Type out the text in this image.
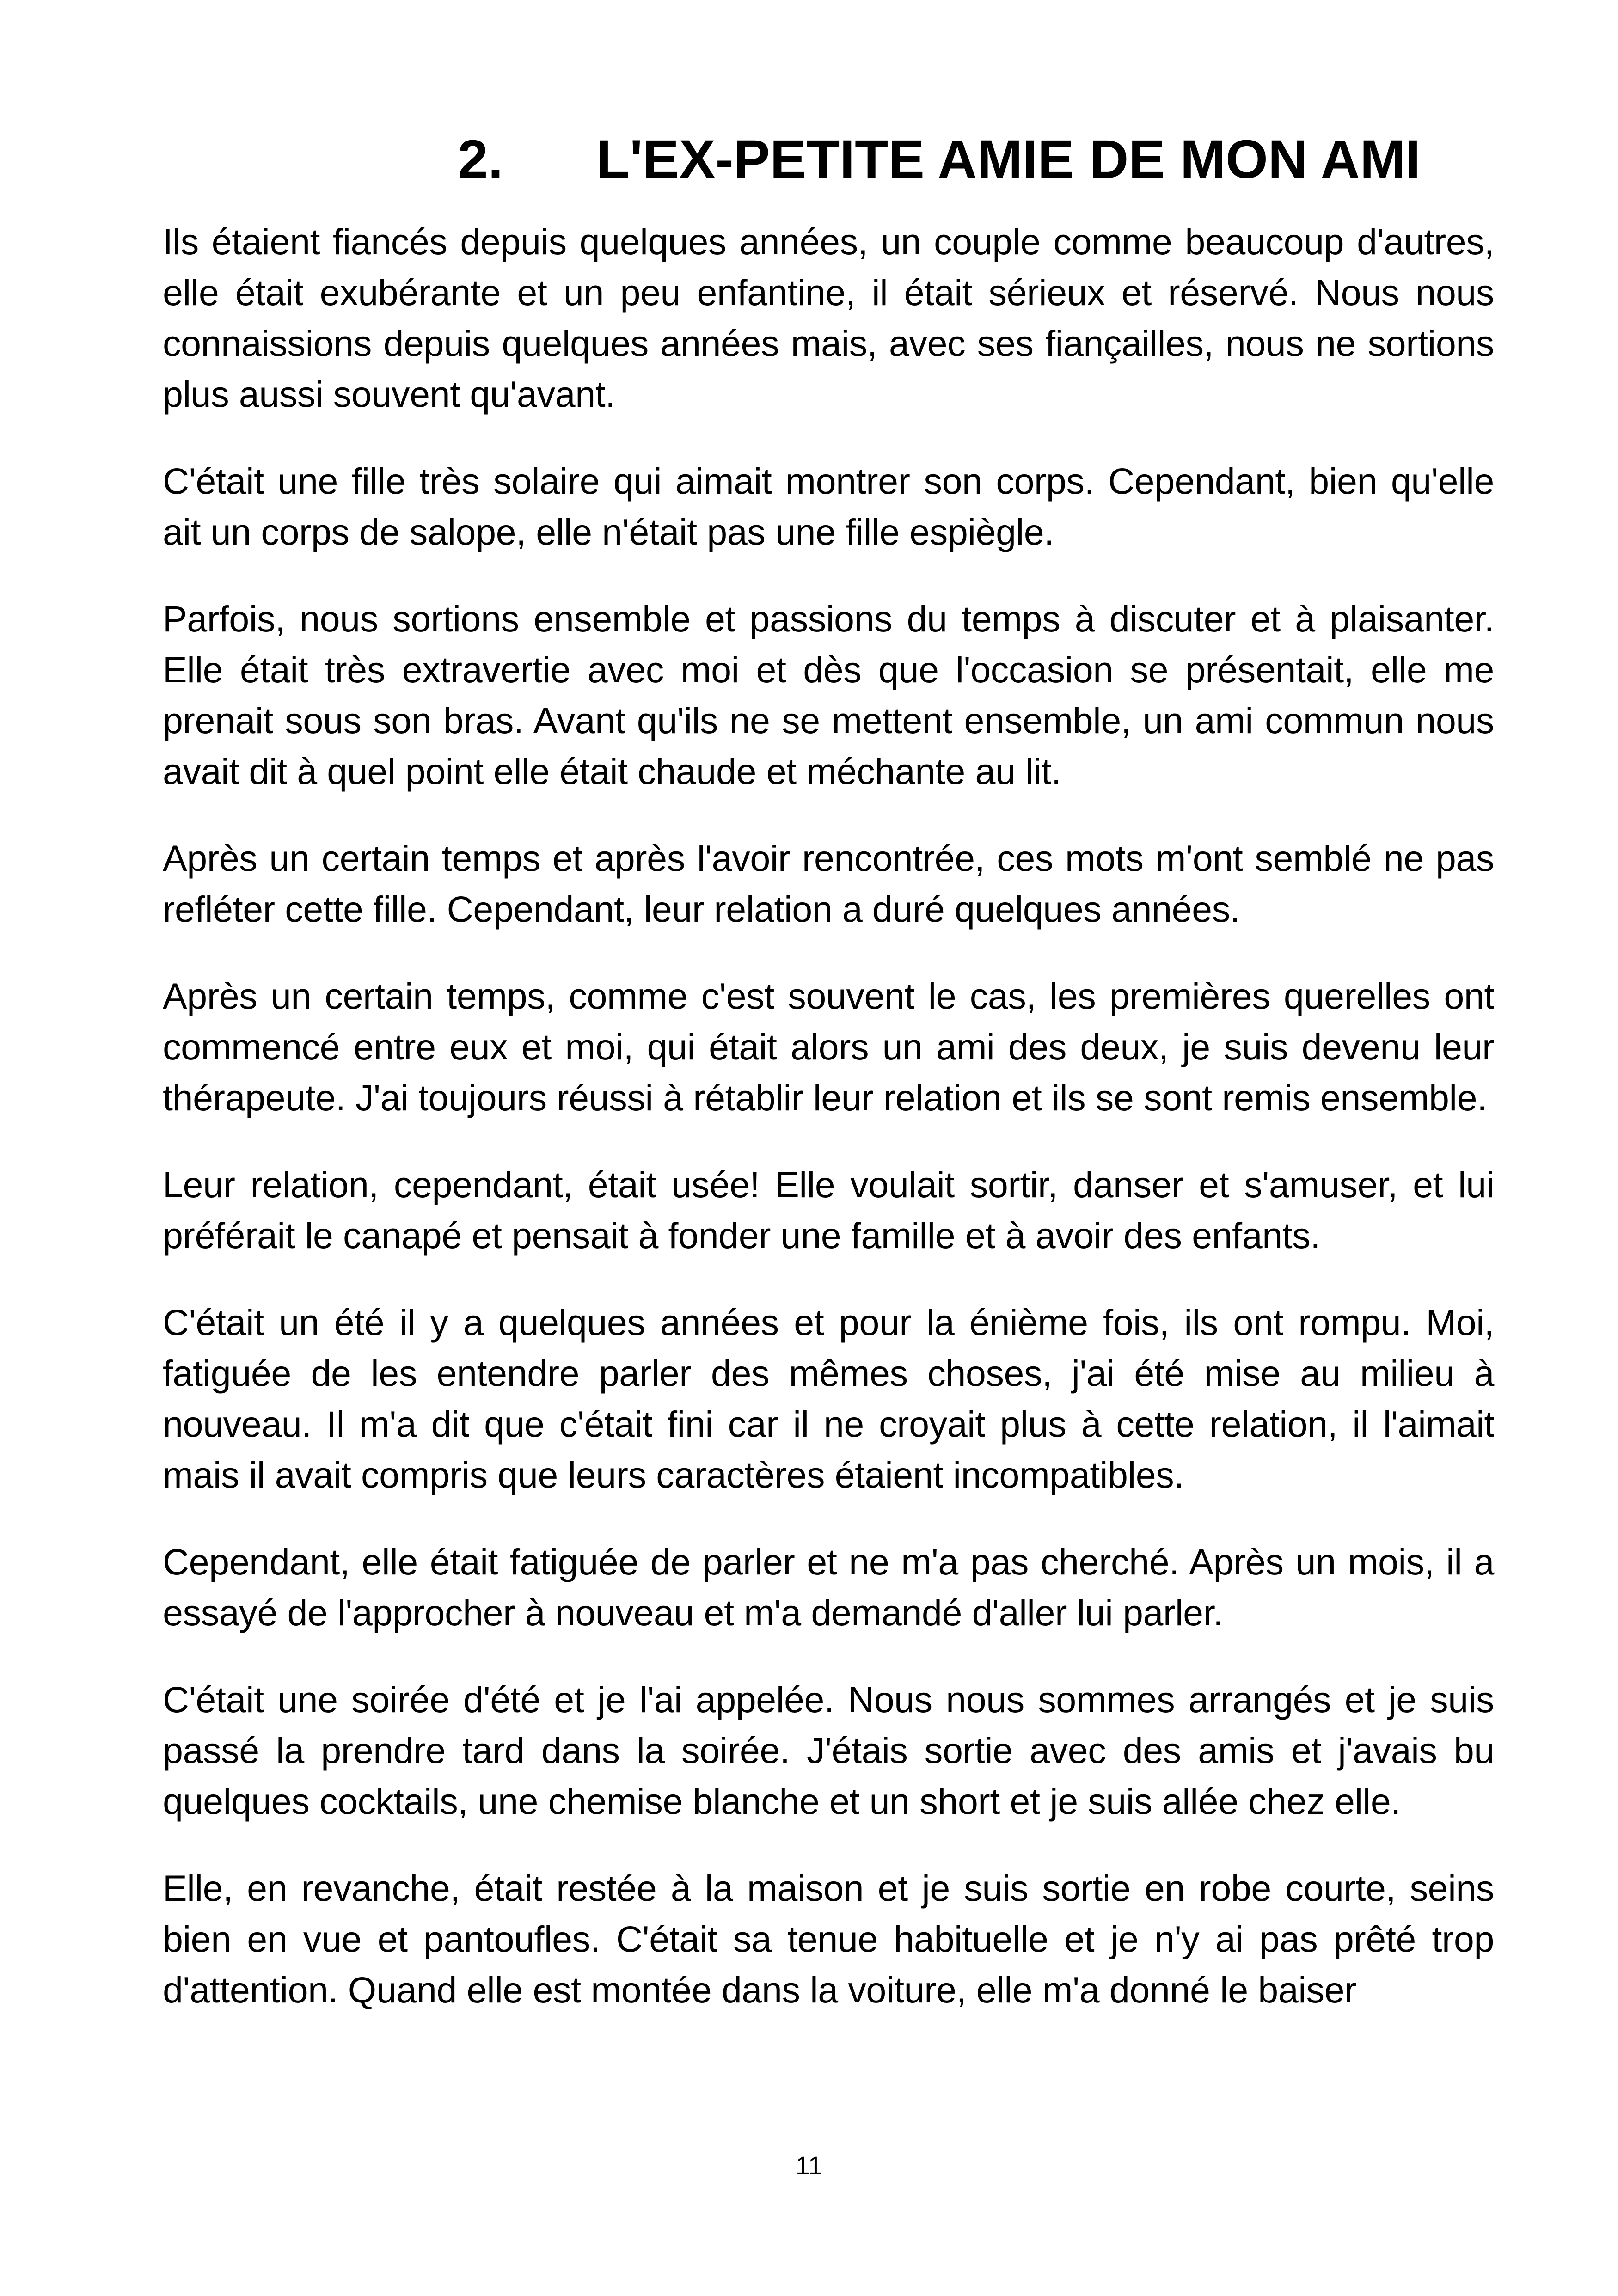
2. L'EX-PETITE AMIE DE MON AMI

Ils étaient fiancés depuis quelques années, un couple comme beaucoup d'autres, elle était exubérante et un peu enfantine, il était sérieux et réservé. Nous nous connaissions depuis quelques années mais, avec ses fiançailles, nous ne sortions plus aussi souvent qu'avant.

C'était une fille très solaire qui aimait montrer son corps. Cependant, bien qu'elle ait un corps de salope, elle n'était pas une fille espiègle.

Parfois, nous sortions ensemble et passions du temps à discuter et à plaisanter. Elle était très extravertie avec moi et dès que l'occasion se présentait, elle me prenait sous son bras. Avant qu'ils ne se mettent ensemble, un ami commun nous avait dit à quel point elle était chaude et méchante au lit.

Après un certain temps et après l'avoir rencontrée, ces mots m'ont semblé ne pas refléter cette fille. Cependant, leur relation a duré quelques années.

Après un certain temps, comme c'est souvent le cas, les premières querelles ont commencé entre eux et moi, qui était alors un ami des deux, je suis devenu leur thérapeute. J'ai toujours réussi à rétablir leur relation et ils se sont remis ensemble.

Leur relation, cependant, était usée! Elle voulait sortir, danser et s'amuser, et lui préférait le canapé et pensait à fonder une famille et à avoir des enfants.

C'était un été il y a quelques années et pour la énième fois, ils ont rompu. Moi, fatiguée de les entendre parler des mêmes choses, j'ai été mise au milieu à nouveau. Il m'a dit que c'était fini car il ne croyait plus à cette relation, il l'aimait mais il avait compris que leurs caractères étaient incompatibles.

Cependant, elle était fatiguée de parler et ne m'a pas cherché. Après un mois, il a essayé de l'approcher à nouveau et m'a demandé d'aller lui parler.

C'était une soirée d'été et je l'ai appelée. Nous nous sommes arrangés et je suis passé la prendre tard dans la soirée. J'étais sortie avec des amis et j'avais bu quelques cocktails, une chemise blanche et un short et je suis allée chez elle.

Elle, en revanche, était restée à la maison et je suis sortie en robe courte, seins bien en vue et pantoufles. C'était sa tenue habituelle et je n'y ai pas prêté trop d'attention. Quand elle est montée dans la voiture, elle m'a donné le baiser

11
